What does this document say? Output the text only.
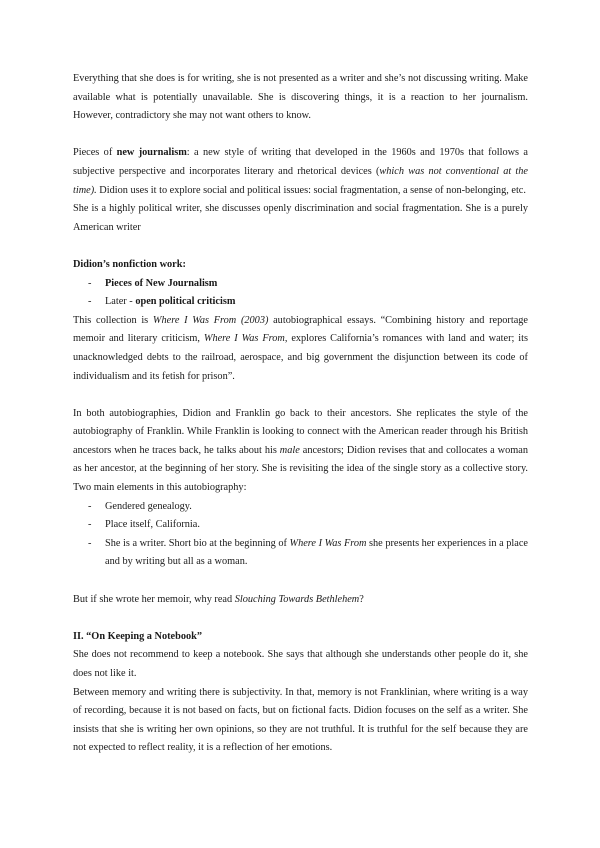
Everything that she does is for writing, she is not presented as a writer and she’s not discussing writing. Make available what is potentially unavailable. She is discovering things, it is a reaction to her journalism. However, contradictory she may not want others to know.

Pieces of new journalism: a new style of writing that developed in the 1960s and 1970s that follows a subjective perspective and incorporates literary and rhetorical devices (which was not conventional at the time). Didion uses it to explore social and political issues: social fragmentation, a sense of non-belonging, etc.

She is a highly political writer, she discusses openly discrimination and social fragmentation. She is a purely American writer

Didion’s nonfiction work:

- Pieces of New Journalism
- Later - open political criticism

This collection is Where I Was From (2003) autobiographical essays. “Combining history and reportage memoir and literary criticism, Where I Was From, explores California’s romances with land and water; its unacknowledged debts to the railroad, aerospace, and big government the disjunction between its code of individualism and its fetish for prison”.

In both autobiographies, Didion and Franklin go back to their ancestors. She replicates the style of the autobiography of Franklin. While Franklin is looking to connect with the American reader through his British ancestors when he traces back, he talks about his male ancestors; Didion revises that and collocates a woman as her ancestor, at the beginning of her story. She is revisiting the idea of the single story as a collective story. Two main elements in this autobiography:

- Gendered genealogy.
- Place itself, California.
- She is a writer. Short bio at the beginning of Where I Was From she presents her experiences in a place and by writing but all as a woman.

But if she wrote her memoir, why read Slouching Towards Bethlehem?

II. “On Keeping a Notebook”

She does not recommend to keep a notebook. She says that although she understands other people do it, she does not like it.

Between memory and writing there is subjectivity. In that, memory is not Franklinian, where writing is a way of recording, because it is not based on facts, but on fictional facts. Didion focuses on the self as a writer. She insists that she is writing her own opinions, so they are not truthful. It is truthful for the self because they are not expected to reflect reality, it is a reflection of her emotions.
